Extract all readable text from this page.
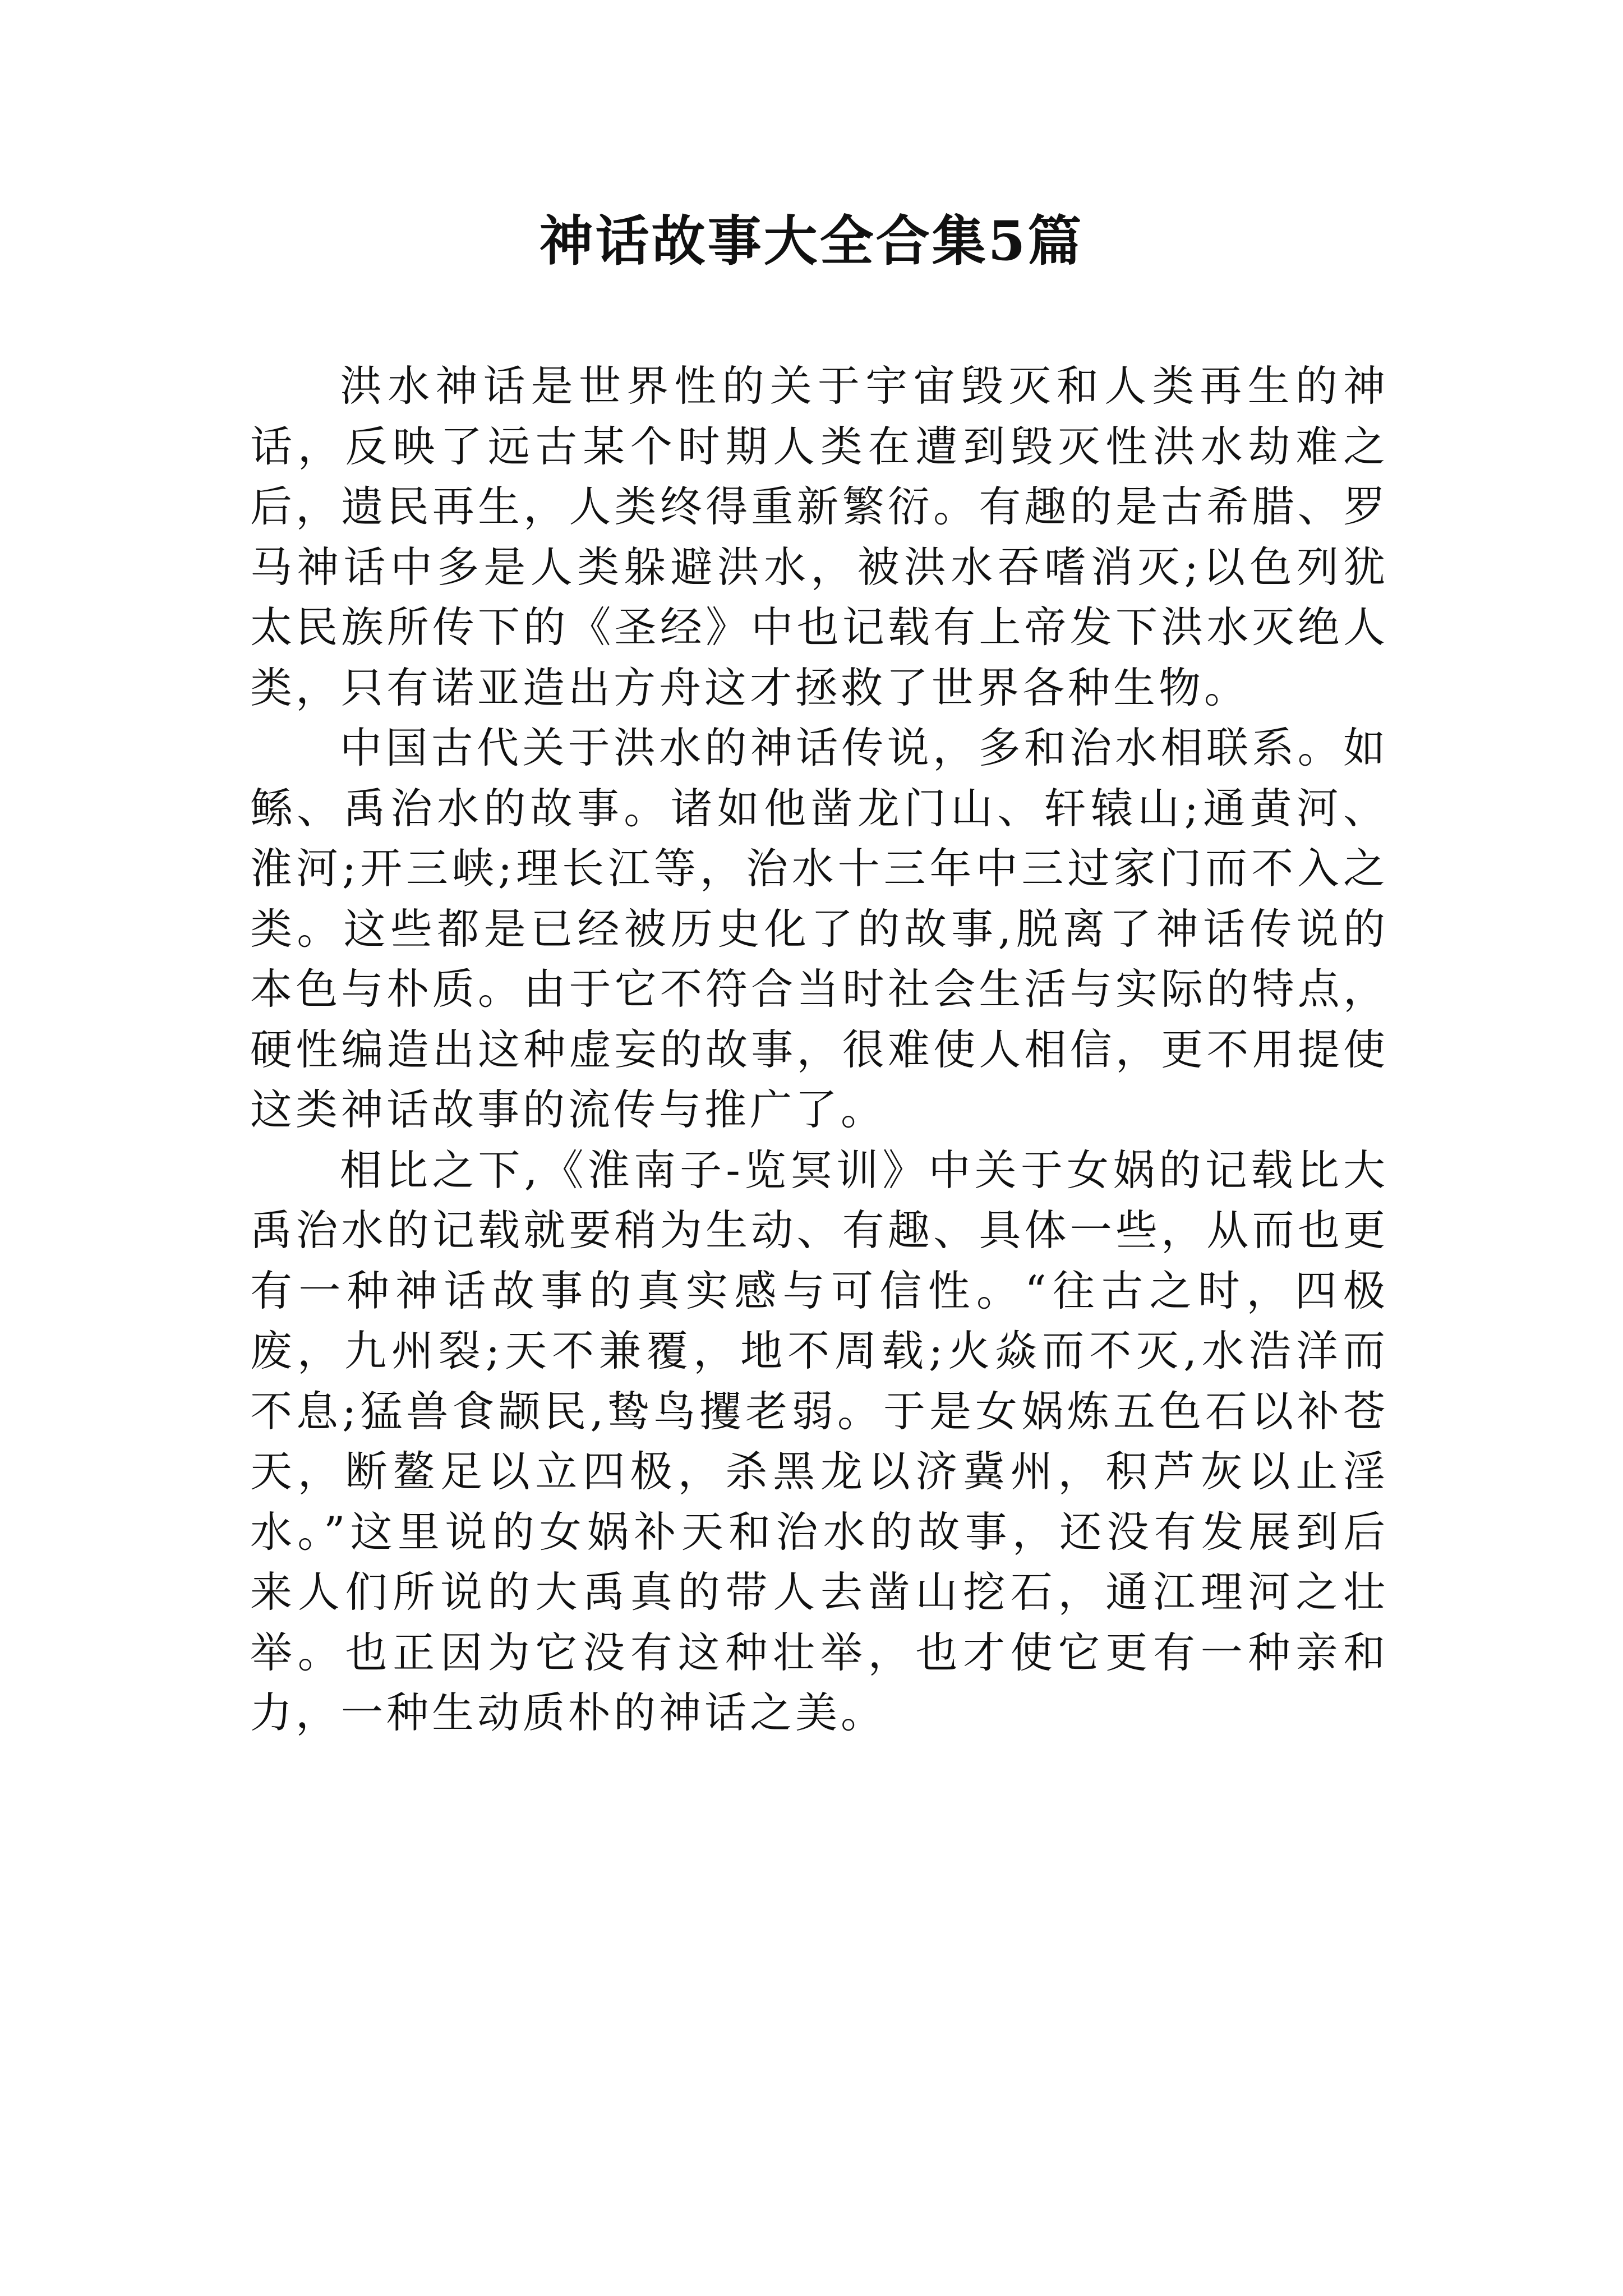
神话故事大全合集5篇

洪水神话是世界性的关于宇宙毁灭和人类再生的神话，反映了远古某个时期人类在遭到毁灭性洪水劫难之后，遗民再生，人类终得重新繁衍。有趣的是古希腊、罗马神话中多是人类躲避洪水，被洪水吞嗜消灭;以色列犹太民族所传下的《圣经》中也记载有上帝发下洪水灭绝人类，只有诺亚造出方舟这才拯救了世界各种生物。

中国古代关于洪水的神话传说，多和治水相联系。如鲧、禹治水的故事。诸如他凿龙门山、轩辕山;通黄河、淮河;开三峡;理长江等，治水十三年中三过家门而不入之类。这些都是已经被历史化了的故事,脱离了神话传说的本色与朴质。由于它不符合当时社会生活与实际的特点，硬性编造出这种虚妄的故事，很难使人相信，更不用提使这类神话故事的流传与推广了。

相比之下,《淮南子-览冥训》中关于女娲的记载比大禹治水的记载就要稍为生动、有趣、具体一些，从而也更有一种神话故事的真实感与可信性。“往古之时，四极废，九州裂;天不兼覆，地不周载;火焱而不灭,水浩洋而不息;猛兽食颛民,鸷鸟攫老弱。于是女娲炼五色石以补苍天，断鳌足以立四极，杀黑龙以济冀州，积芦灰以止淫水。”这里说的女娲补天和治水的故事，还没有发展到后来人们所说的大禹真的带人去凿山挖石，通江理河之壮举。也正因为它没有这种壮举，也才使它更有一种亲和力，一种生动质朴的神话之美。
